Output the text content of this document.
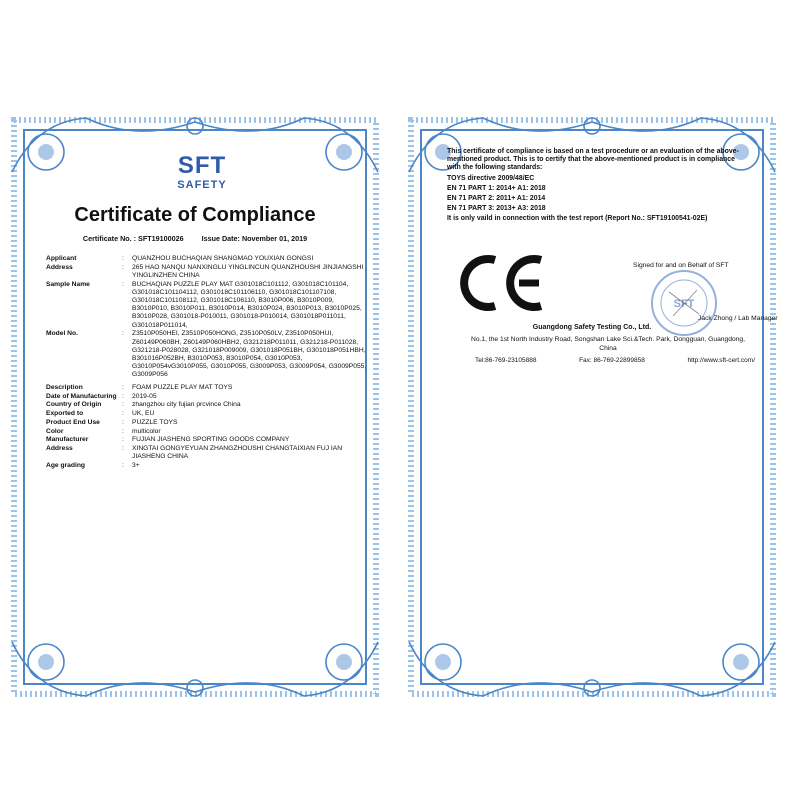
SFT
SAFETY
Certificate of Compliance
Certificate No. : SFT19100026	Issue Date: November 01, 2019
Applicant	:	QUANZHOU BUCHAQIAN SHANGMAO YOUXIAN GONGSI
Address	:	265 HAO NANQU NANXINGLU YINGLINCUN QUANZHOUSHI JINJIANGSHI YINGLINZHEN CHINA
Sample Name	:	BUCHAQIAN PUZZLE PLAY MAT G301018C101112, G301018C101104, G301018C101104112, G301018C101106110, G301018C101107108, G301018C101108112, G301018C106110, B3010P006, B3010P009, B3010P010, B3010P011, B3010P014, B3010P024, B3010P013, B3010P025, B3010P028, G301018-P010011, G301018-P010014, G301018P011011, G301018P011014,
Model No.	:	Z3510P050HEI, Z3510P050HONG, Z3510P050LV, Z3510P050HUI, Z60149P060BH, Z60149P060HBH2, G321218P011011, G321218-P011028, G321218-P028028, G321018P009009, G301018P051BH, G301018P051HBH, B301016P052BH, B3010P053, B3010P054, G3010P053, G3010P054vG3010P055, G3010P055, G3009P053, G3009P054, G3009P055, G3009P056
Description	:	FOAM PUZZLE PLAY MAT TOYS
Date of Manufacturing :	2019-05
Country of Origin	:	zhangzhou city fujian prcvince China
Exported to	:	UK, EU
Product End Use	:	PUZZLE TOYS
Color	:	multicolor
Manufacturer	:	FUJIAN JIASHENG SPORTING GOODS COMPANY
Address	:	XINGTAI GONGYEYUAN ZHANGZHOUSHI CHANGTAIXIAN FUJ IAN JIASHENG CHINA
Age grading	:	3+
This certificate of compliance is based on a test procedure or an evaluation of the above-mentioned product. This is to certify that the above-mentioned product is in compliance with the following standards:
TOYS directive 2009/48/EC
EN 71 PART 1: 2014+ A1: 2018
EN 71 PART 2: 2011+ A1: 2014
EN 71 PART 3: 2013+ A3: 2018
It is only vaild in connection with the test report (Report No.: SFT19100541-02E)
Signed for and on Behalf of SFT
SFT
Jack Zhong / Lab Manager
Guangdong Safety Testing Co., Ltd.
No.1, the 1st North Industry Road, Songshan Lake Sci.&Tech. Park, Dongguan, Guangdong, China
Tel:86-769-23105888	Fax: 86-769-22899858	http://www.sft-cert.com/
